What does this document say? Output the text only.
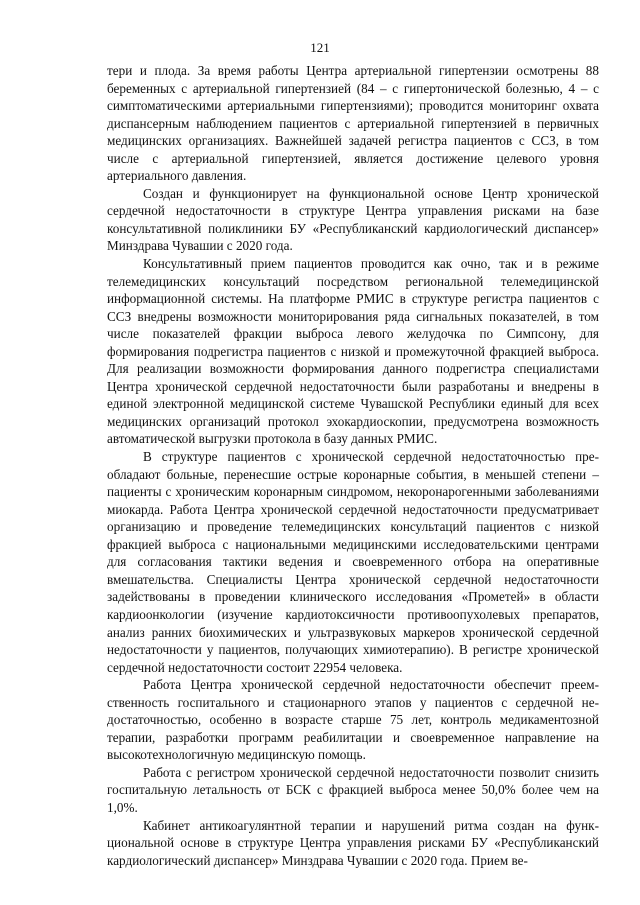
121

тери и плода. За время работы Центра артериальной гипертензии осмотрены 88 беременных с артериальной гипертензией (84 – с гипертонической болезнью, 4 – с симптоматическими артериальными гипертензиями); проводится мониторинг охвата диспансерным наблюдением пациентов с артериальной гипертензией в первичных медицинских организациях. Важнейшей задачей регистра пациентов с ССЗ, в том числе с артериальной гипертензией, является достижение целевого уровня артериального давления.

Создан и функционирует на функциональной основе Центр хронической сердечной недостаточности в структуре Центра управления рисками на базе консультативной поликлиники БУ «Республиканский кардиологический диспансер» Минздрава Чувашии с 2020 года.

Консультативный прием пациентов проводится как очно, так и в режиме телемедицинских консультаций посредством региональной телемедицинской информационной системы. На платформе РМИС в структуре регистра пациентов с ССЗ внедрены возможности мониторирования ряда сигнальных показателей, в том числе показателей фракции выброса левого желудочка по Симпсону, для формирования подрегистра пациентов с низкой и промежуточной фракцией выброса. Для реализации возможности формирования данного подрегистра специалистами Центра хронической сердечной недостаточности были разработаны и внедрены в единой электронной медицинской системе Чувашской Республики единый для всех медицинских организаций протокол эхокардиоскопии, предусмотрена возможность автоматической выгрузки протокола в базу данных РМИС.

В структуре пациентов с хронической сердечной недостаточностью преобладают больные, перенесшие острые коронарные события, в меньшей степени – пациенты с хроническим коронарным синдромом, некоронарогенными заболеваниями миокарда. Работа Центра хронической сердечной недостаточности предусматривает организацию и проведение телемедицинских консультаций пациентов с низкой фракцией выброса с национальными медицинскими исследовательскими центрами для согласования тактики ведения и своевременного отбора на оперативные вмешательства. Специалисты Центра хронической сердечной недостаточности задействованы в проведении клинического исследования «Прометей» в области кардиоонкологии (изучение кардиотоксичности противоопухолевых препаратов, анализ ранних биохимических и ультразвуковых маркеров хронической сердечной недостаточности у пациентов, получающих химиотерапию). В регистре хронической сердечной недостаточности состоит 22954 человека.

Работа Центра хронической сердечной недостаточности обеспечит преемственность госпитального и стационарного этапов у пациентов с сердечной недостаточностью, особенно в возрасте старше 75 лет, контроль медикаментозной терапии, разработки программ реабилитации и своевременное направление на высокотехнологичную медицинскую помощь.

Работа с регистром хронической сердечной недостаточности позволит снизить госпитальную летальность от БСК с фракцией выброса менее 50,0% более чем на 1,0%.

Кабинет антикоагулянтной терапии и нарушений ритма создан на функциональной основе в структуре Центра управления рисками БУ «Республиканский кардиологический диспансер» Минздрава Чувашии с 2020 года. Прием ве-
